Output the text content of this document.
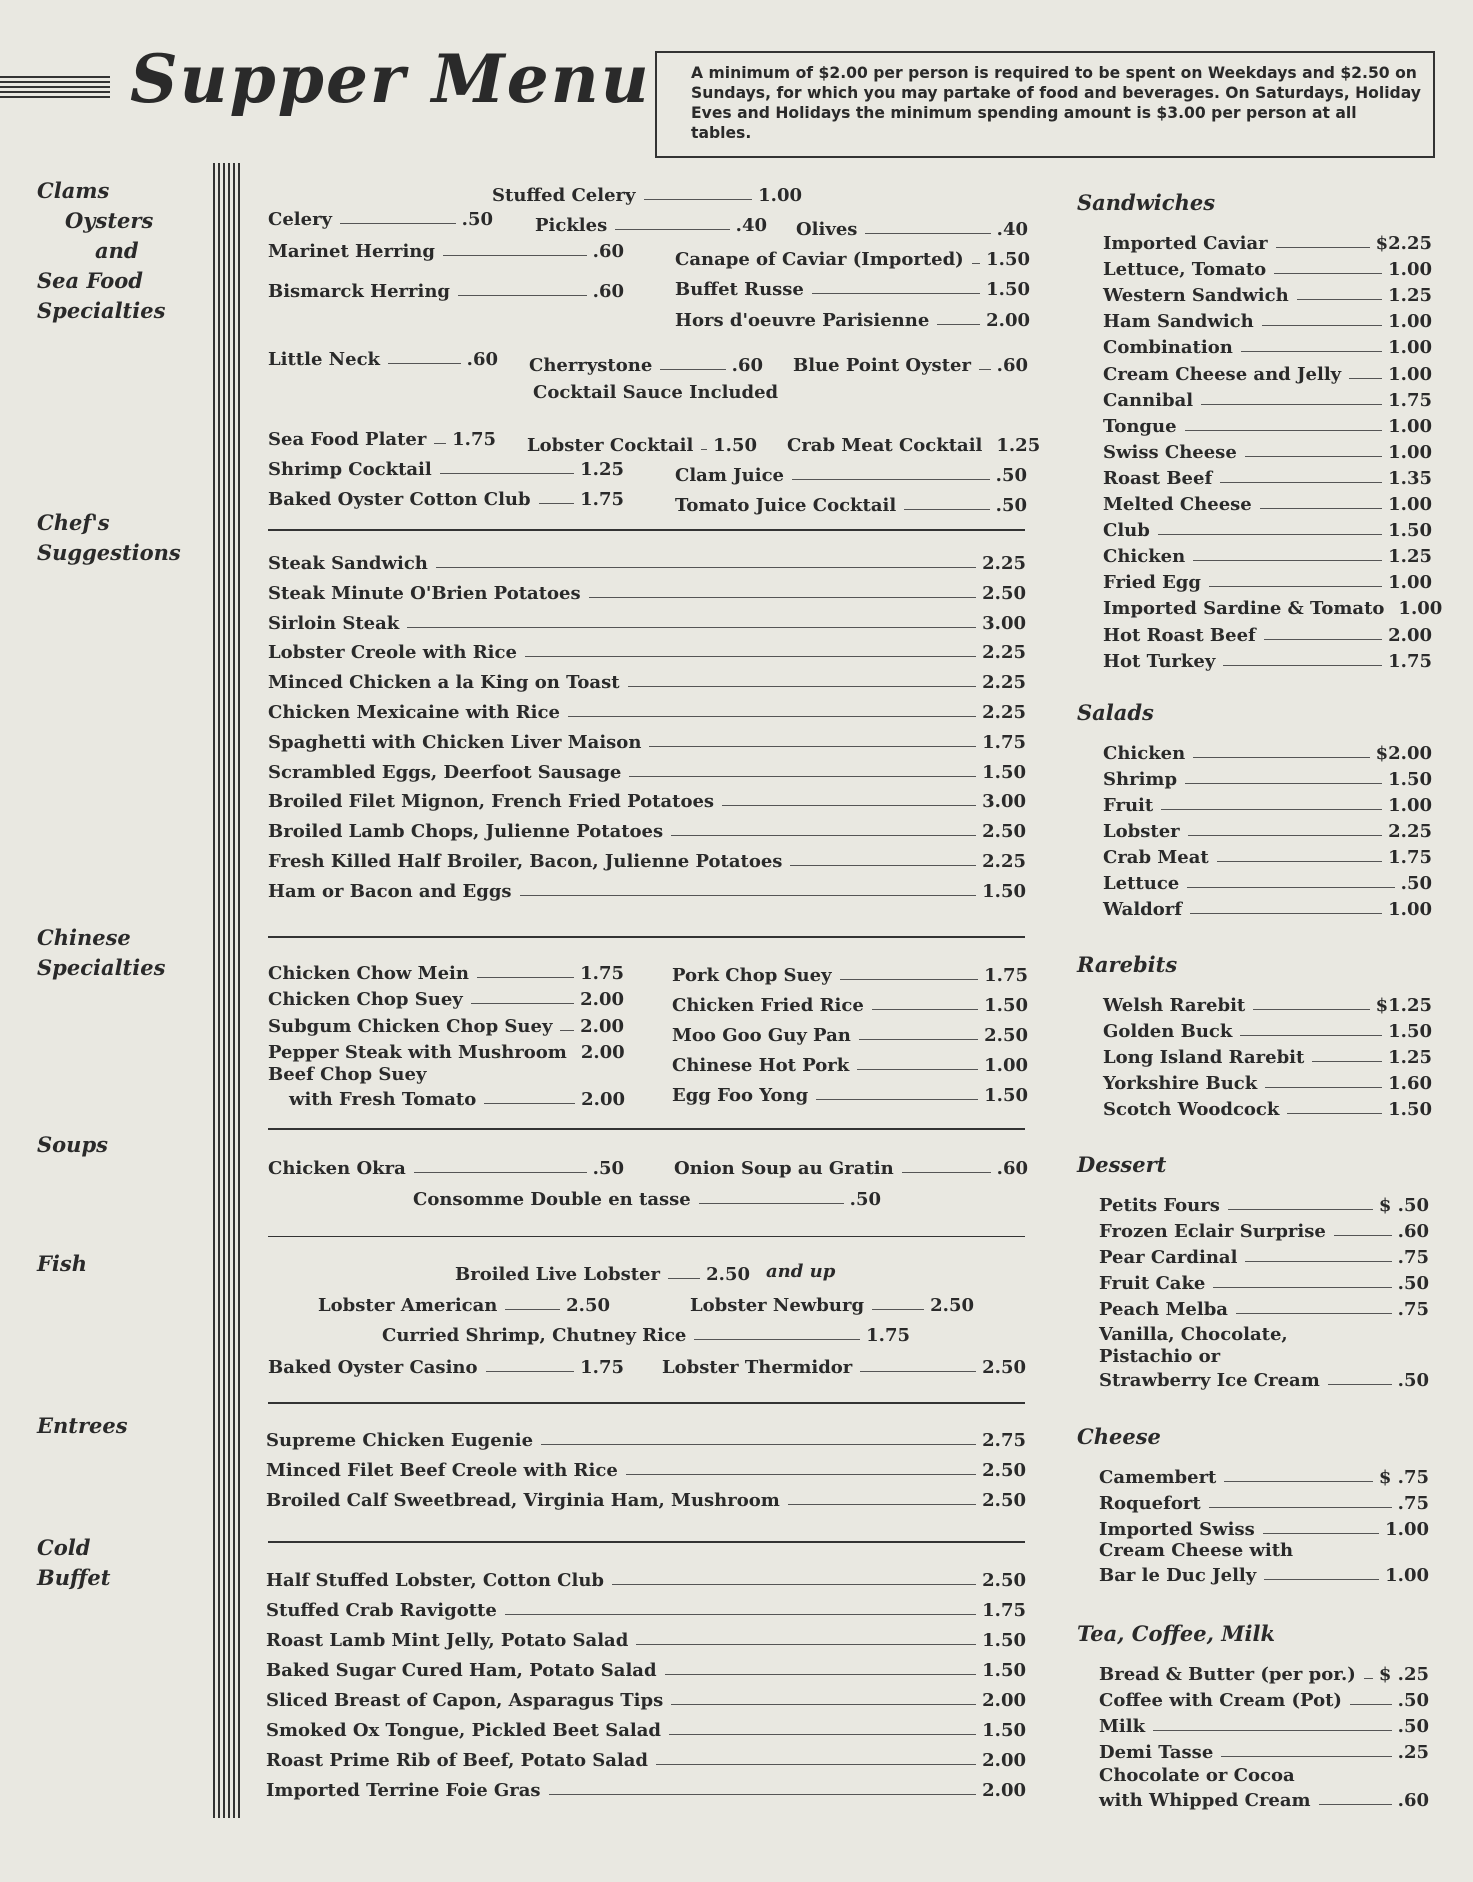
Supper Menu	A minimum of $2.00 per person is required to be spent on Weekdays and $2.50 on Sundays, for which you may partake of food and beverages. On Saturdays, Holiday Eves and Holidays the minimum spending amount is $3.00 per person at all tables.
Clams
Oysters
and
Sea Food
Specialties
Chef's
Suggestions
Chinese
Specialties
Soups
Fish
Entrees
Cold
Buffet
Stuffed Celery	1.00
Celery	.50 Pickles	.40 Olives	.40
Marinet Herring	.60	Canape of Caviar (Imported)	1.50
Bismarck Herring	.60	Buffet Russe	1.50
Hors d'oeuvre Parisienne	2.00
Little Neck	.60 Cherrystone	.60 Blue Point Oyster	.60
Cocktail Sauce Included
Sea Food Plater	1.75 Lobster Cocktail	1.50 Crab Meat Cocktail 1.25
Shrimp Cocktail	1.25	Clam Juice	.50
Baked Oyster Cotton Club	1.75	Tomato Juice Cocktail	.50
Steak Sandwich	2.25
Steak Minute O'Brien Potatoes	2.50
Sirloin Steak	3.00
Lobster Creole with Rice	2.25
Minced Chicken a la King on Toast	2.25
Chicken Mexicaine with Rice	2.25
Spaghetti with Chicken Liver Maison	1.75
Scrambled Eggs, Deerfoot Sausage	1.50
Broiled Filet Mignon, French Fried Potatoes	3.00
Broiled Lamb Chops, Julienne Potatoes	2.50
Fresh Killed Half Broiler, Bacon, Julienne Potatoes	2.25
Ham or Bacon and Eggs	1.50
Chicken Chow Mein	1.75
Chicken Chop Suey	2.00
Subgum Chicken Chop Suey	2.00
Pepper Steak with Mushroom 2.00
Beef Chop Suey
with Fresh Tomato	2.00
Pork Chop Suey	1.75
Chicken Fried Rice	1.50
Moo Goo Guy Pan	2.50
Chinese Hot Pork	1.00
Egg Foo Yong	1.50
Chicken Okra	.50	Onion Soup au Gratin	.60
Consomme Double en tasse	.50
Broiled Live Lobster	2.50 and up
Lobster American	2.50	Lobster Newburg	2.50
Curried Shrimp, Chutney Rice	1.75
Baked Oyster Casino	1.75 Lobster Thermidor	2.50
Supreme Chicken Eugenie	2.75
Minced Filet Beef Creole with Rice	2.50
Broiled Calf Sweetbread, Virginia Ham, Mushroom	2.50
Half Stuffed Lobster, Cotton Club	2.50
Stuffed Crab Ravigotte	1.75
Roast Lamb Mint Jelly, Potato Salad	1.50
Baked Sugar Cured Ham, Potato Salad	1.50
Sliced Breast of Capon, Asparagus Tips	2.00
Smoked Ox Tongue, Pickled Beet Salad	1.50
Roast Prime Rib of Beef, Potato Salad	2.00
Imported Terrine Foie Gras	2.00
Sandwiches
Imported Caviar	$2.25
Lettuce, Tomato	1.00
Western Sandwich	1.25
Ham Sandwich	1.00
Combination	1.00
Cream Cheese and Jelly	1.00
Cannibal	1.75
Tongue	1.00
Swiss Cheese	1.00
Roast Beef	1.35
Melted Cheese	1.00
Club	1.50
Chicken	1.25
Fried Egg	1.00
Imported Sardine & Tomato 1.00
Hot Roast Beef	2.00
Hot Turkey	1.75
Salads
Chicken	$2.00
Shrimp	1.50
Fruit	1.00
Lobster	2.25
Crab Meat	1.75
Lettuce	.50
Waldorf	1.00
Rarebits
Welsh Rarebit	$1.25
Golden Buck	1.50
Long Island Rarebit	1.25
Yorkshire Buck	1.60
Scotch Woodcock	1.50
Dessert
Petits Fours	$ .50
Frozen Eclair Surprise	.60
Pear Cardinal	.75
Fruit Cake	.50
Peach Melba	.75
Vanilla, Chocolate,
Pistachio or
Strawberry Ice Cream	.50
Cheese
Camembert	$ .75
Roquefort	.75
Imported Swiss	1.00
Cream Cheese with
Bar le Duc Jelly	1.00
Tea, Coffee, Milk
Bread & Butter (per por.)	$ .25
Coffee with Cream (Pot)	.50
Milk	.50
Demi Tasse	.25
Chocolate or Cocoa
with Whipped Cream	.60
